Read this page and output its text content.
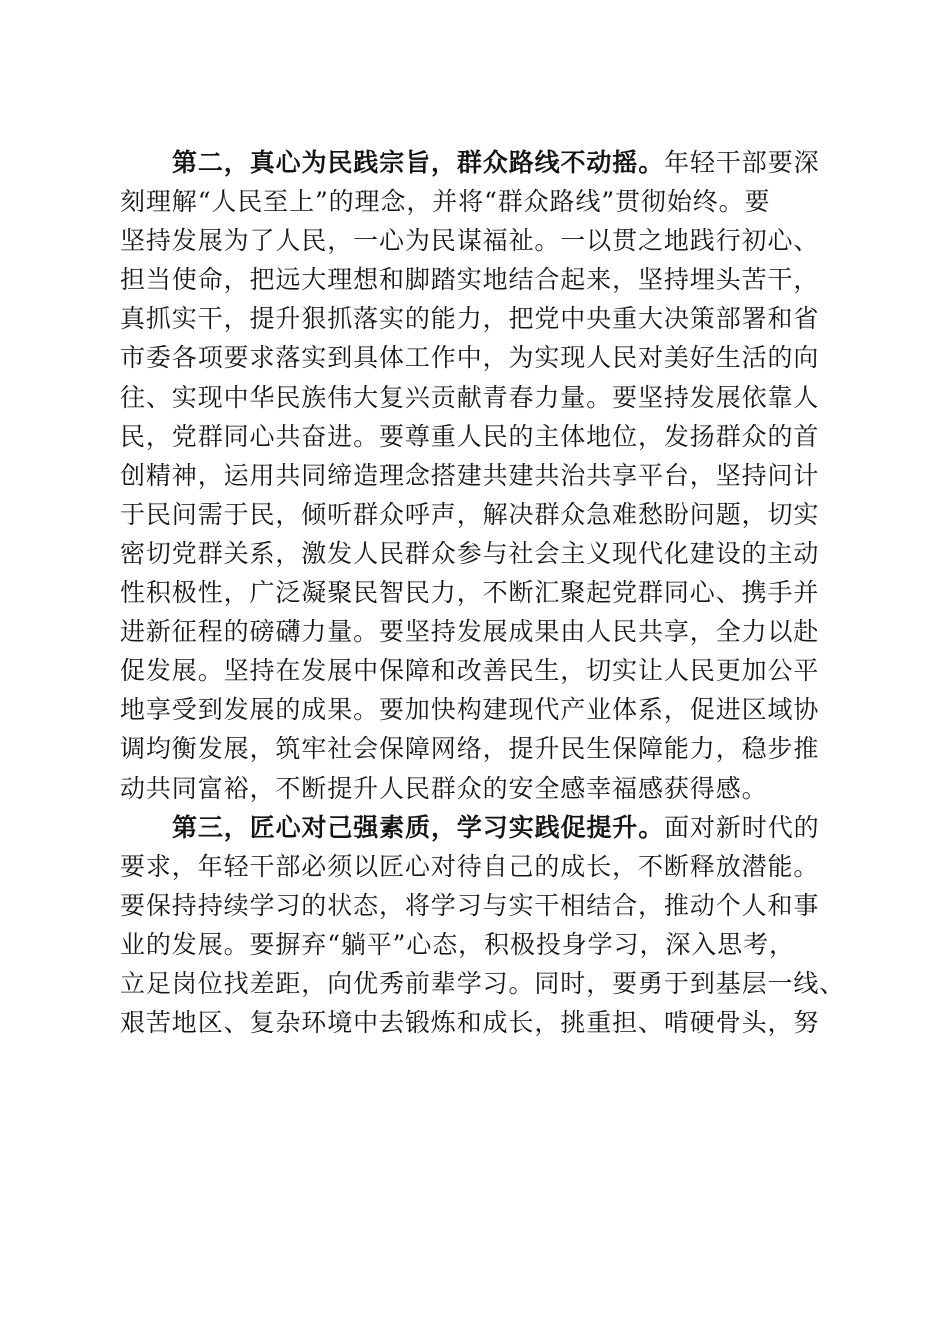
第二，真心为民践宗旨，群众路线不动摇。年轻干部要深
刻理解“人民至上”的理念，并将“群众路线”贯彻始终。要
坚持发展为了人民，一心为民谋福祉。一以贯之地践行初心、
担当使命，把远大理想和脚踏实地结合起来，坚持埋头苦干，
真抓实干，提升狠抓落实的能力，把党中央重大决策部署和省
市委各项要求落实到具体工作中，为实现人民对美好生活的向
往、实现中华民族伟大复兴贡献青春力量。要坚持发展依靠人
民，党群同心共奋进。要尊重人民的主体地位，发扬群众的首
创精神，运用共同缔造理念搭建共建共治共享平台，坚持问计
于民问需于民，倾听群众呼声，解决群众急难愁盼问题，切实
密切党群关系，激发人民群众参与社会主义现代化建设的主动
性积极性，广泛凝聚民智民力，不断汇聚起党群同心、携手并
进新征程的磅礴力量。要坚持发展成果由人民共享，全力以赴
促发展。坚持在发展中保障和改善民生，切实让人民更加公平
地享受到发展的成果。要加快构建现代产业体系，促进区域协
调均衡发展，筑牢社会保障网络，提升民生保障能力，稳步推
动共同富裕，不断提升人民群众的安全感幸福感获得感。
第三，匠心对己强素质，学习实践促提升。面对新时代的
要求，年轻干部必须以匠心对待自己的成长，不断释放潜能。
要保持持续学习的状态，将学习与实干相结合，推动个人和事
业的发展。要摒弃“躺平”心态，积极投身学习，深入思考，
立足岗位找差距，向优秀前辈学习。同时，要勇于到基层一线、
艰苦地区、复杂环境中去锻炼和成长，挑重担、啃硬骨头，努
